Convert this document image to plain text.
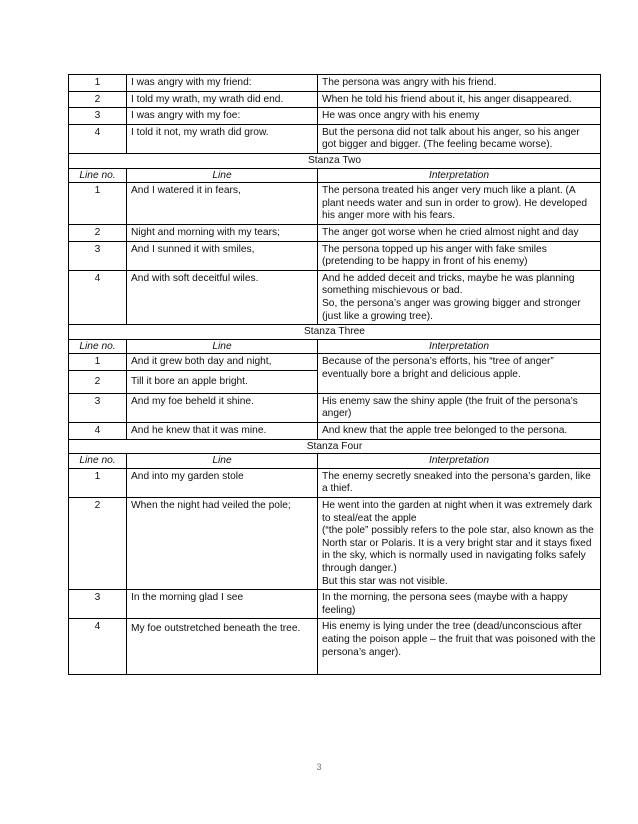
1	I was angry with my friend:	The persona was angry with his friend.
2	I told my wrath, my wrath did end.	When he told his friend about it, his anger disappeared.
3	I was angry with my foe:	He was once angry with his enemy
4	I told it not, my wrath did grow.	But the persona did not talk about his anger, so his anger got bigger and bigger. (The feeling became worse).
Stanza Two		
Line no.	Line	Interpretation
1	And I watered it in fears,	The persona treated his anger very much like a plant. (A plant needs water and sun in order to grow). He developed his anger more with his fears.
2	Night and morning with my tears;	The anger got worse when he cried almost night and day
3	And I sunned it with smiles,	The persona topped up his anger with fake smiles (pretending to be happy in front of his enemy)
4	And with soft deceitful wiles.	And he added deceit and tricks, maybe he was planning something mischievous or bad.
So, the persona’s anger was growing bigger and stronger (just like a growing tree).

Stanza Three		
Line no.	Line	Interpretation
1	And it grew both day and night,	Because of the persona’s efforts, his “tree of anger” eventually bore a bright and delicious apple.
2	Till it bore an apple bright.	
3	And my foe beheld it shine.	His enemy saw the shiny apple (the fruit of the persona’s anger)
4	And he knew that it was mine.	And knew that the apple tree belonged to the persona.
Stanza Four		
Line no.	Line	Interpretation
1	And into my garden stole	The enemy secretly sneaked into the persona’s garden, like a thief.
2	When the night had veiled the pole;	He went into the garden at night when it was extremely dark to steal/eat the apple
(“the pole” possibly refers to the pole star, also known as the North star or Polaris. It is a very bright star and it stays fixed in the sky, which is normally used in navigating folks safely through danger.)
But this star was not visible.

3	In the morning glad I see	In the morning, the persona sees (maybe with a happy feeling)
4	My foe outstretched beneath the tree.	His enemy is lying under the tree (dead/unconscious after eating the poison apple – the fruit that was poisoned with the persona’s anger).
3
